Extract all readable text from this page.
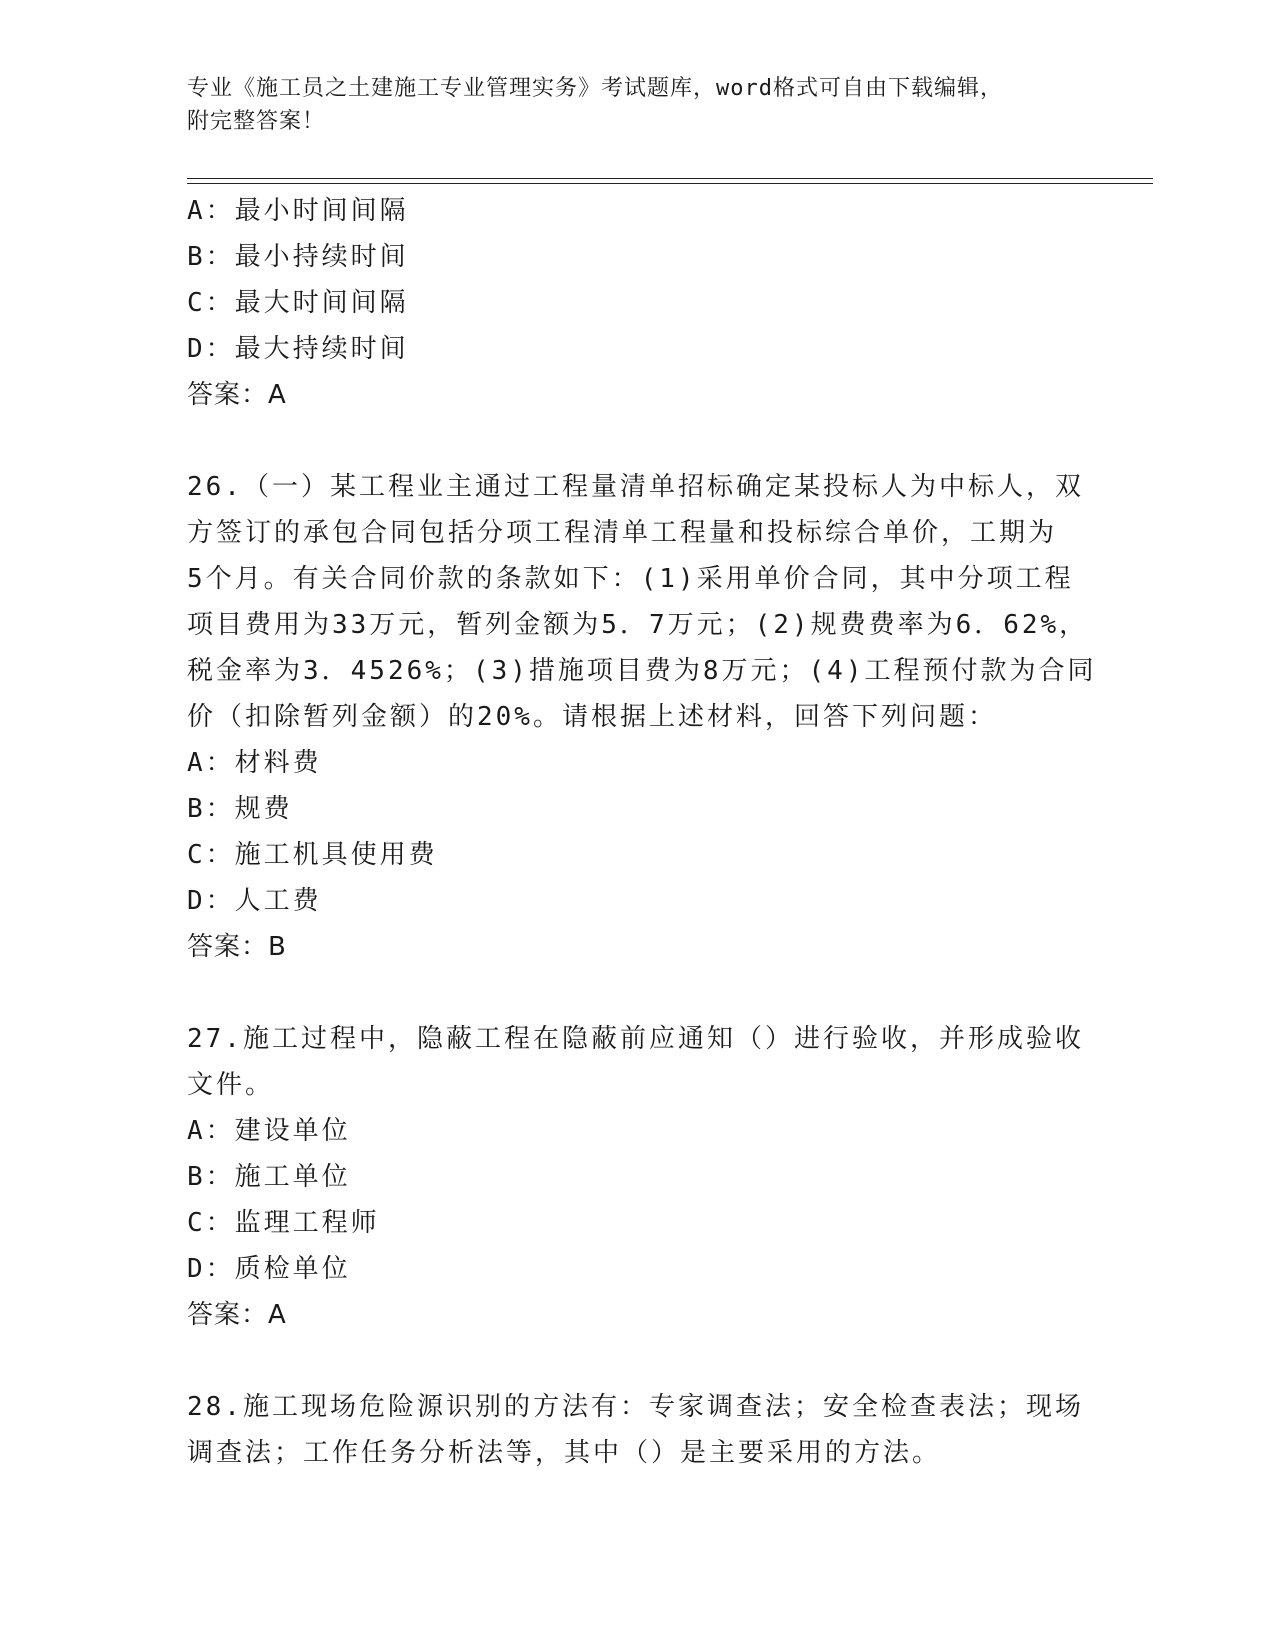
专业《施工员之土建施工专业管理实务》考试题库，word格式可自由下载编辑，
附完整答案！
A：最小时间间隔
B：最小持续时间
C：最大时间间隔
D：最大持续时间
答案：A
26.（一）某工程业主通过工程量清单招标确定某投标人为中标人，双
方签订的承包合同包括分项工程清单工程量和投标综合单价，工期为
5个月。有关合同价款的条款如下：(1)采用单价合同，其中分项工程
项目费用为33万元，暂列金额为5．7万元；(2)规费费率为6．62%，
税金率为3．4526%；(3)措施项目费为8万元；(4)工程预付款为合同
价（扣除暂列金额）的20%。请根据上述材料，回答下列问题：
A：材料费
B：规费
C：施工机具使用费
D：人工费
答案：B
27.施工过程中，隐蔽工程在隐蔽前应通知（）进行验收，并形成验收
文件。
A：建设单位
B：施工单位
C：监理工程师
D：质检单位
答案：A
28.施工现场危险源识别的方法有：专家调查法；安全检查表法；现场
调查法；工作任务分析法等，其中（）是主要采用的方法。
